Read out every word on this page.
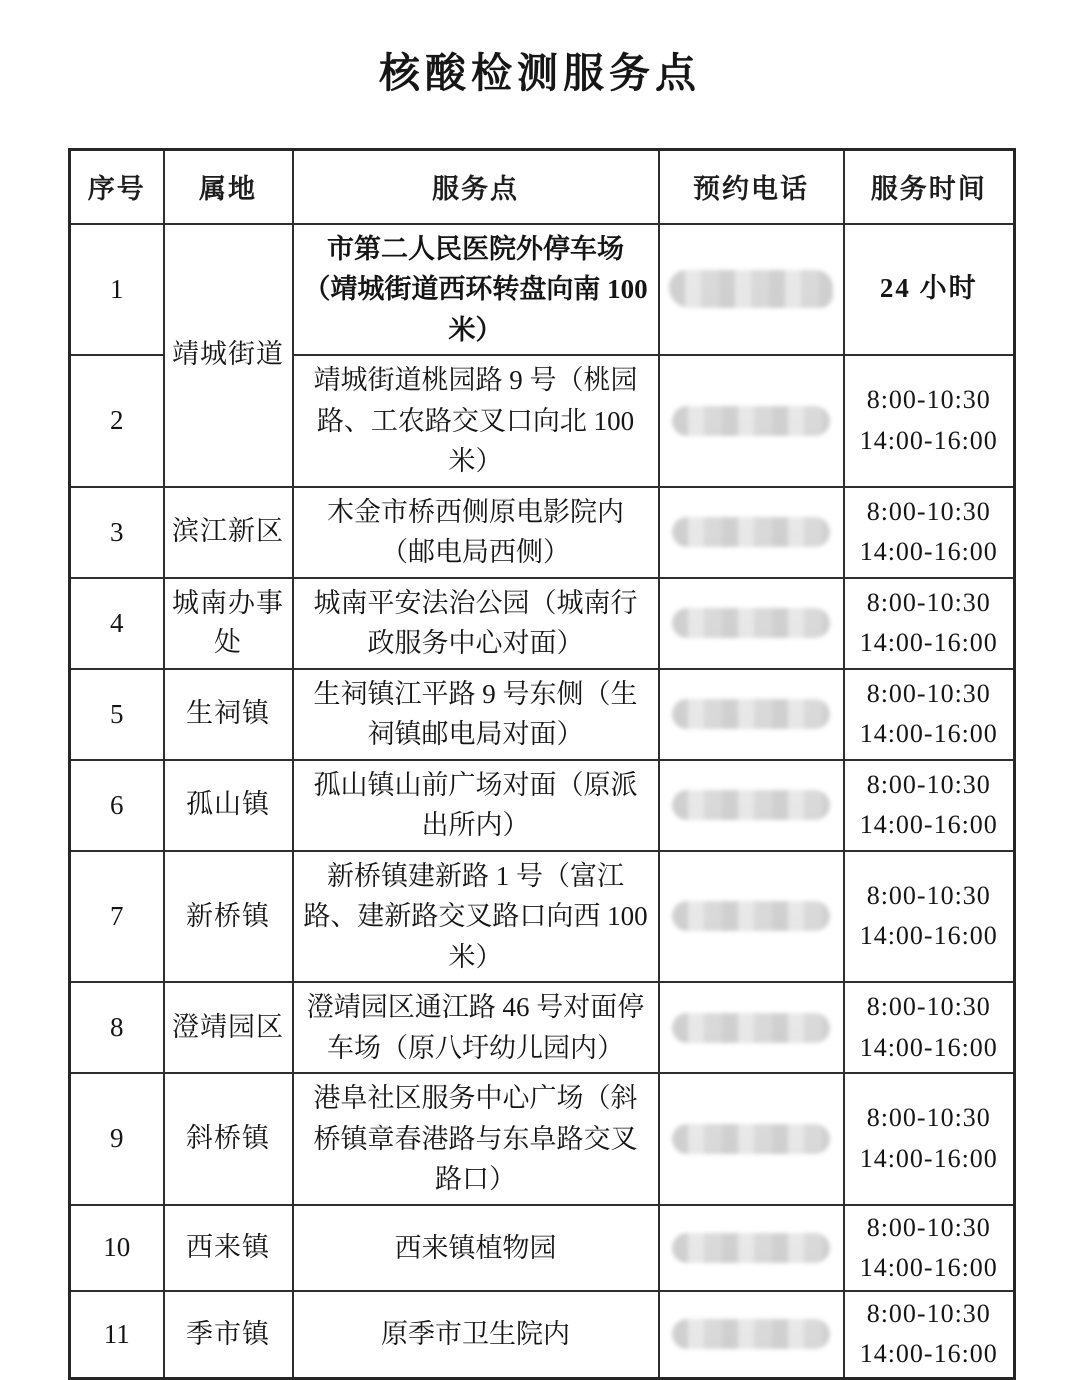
核酸检测服务点
序号	属地	服务点	预约电话	服务时间
1	靖城街道	市第二人民医院外停车场（靖城街道西环转盘向南 100 米）		24 小时

2		靖城街道桃园路 9 号（桃园路、工农路交叉口向北 100 米）		8:00-10:30
14:00-16:00

3	滨江新区	木金市桥西侧原电影院内（邮电局西侧）		8:00-10:30
14:00-16:00

4	城南办事处	城南平安法治公园（城南行政服务中心对面）		8:00-10:30
14:00-16:00

5	生祠镇	生祠镇江平路 9 号东侧（生祠镇邮电局对面）		8:00-10:30
14:00-16:00

6	孤山镇	孤山镇山前广场对面（原派出所内）		8:00-10:30
14:00-16:00

7	新桥镇	新桥镇建新路 1 号（富江路、建新路交叉路口向西 100 米）		8:00-10:30
14:00-16:00

8	澄靖园区	澄靖园区通江路 46 号对面停车场（原八圩幼儿园内）		8:00-10:30
14:00-16:00

9	斜桥镇	港阜社区服务中心广场（斜桥镇章春港路与东阜路交叉路口）		8:00-10:30
14:00-16:00

10	西来镇	西来镇植物园		8:00-10:30
14:00-16:00

11	季市镇	原季市卫生院内		8:00-10:30
14:00-16:00
